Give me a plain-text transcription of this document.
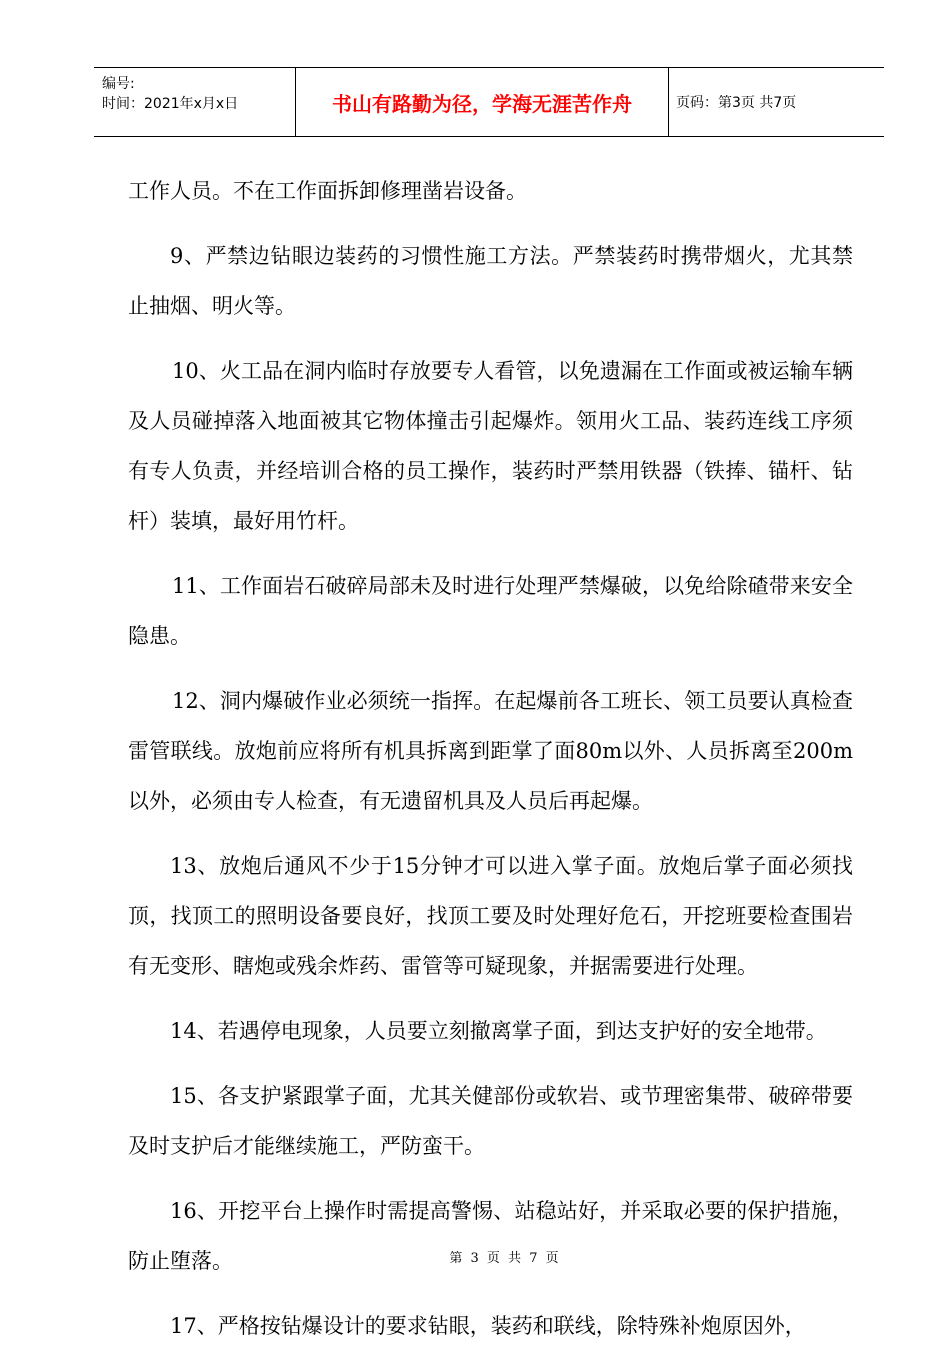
编号:
时间：2021年x月x日	书山有路勤为径，学海无涯苦作舟	页码：第3页 共7页

工作人员。不在工作面拆卸修理凿岩设备。

9、严禁边钻眼边装药的习惯性施工方法。严禁装药时携带烟火，尤其禁止抽烟、明火等。

10、火工品在洞内临时存放要专人看管，以免遗漏在工作面或被运输车辆及人员碰掉落入地面被其它物体撞击引起爆炸。领用火工品、装药连线工序须有专人负责，并经培训合格的员工操作，装药时严禁用铁器（铁捧、锚杆、钻杆）装填，最好用竹杆。

11、工作面岩石破碎局部未及时进行处理严禁爆破，以免给除碴带来安全隐患。

12、洞内爆破作业必须统一指挥。在起爆前各工班长、领工员要认真检查雷管联线。放炮前应将所有机具拆离到距掌了面80m以外、人员拆离至200m以外，必须由专人检查，有无遗留机具及人员后再起爆。

13、放炮后通风不少于15分钟才可以进入掌子面。放炮后掌子面必须找顶，找顶工的照明设备要良好，找顶工要及时处理好危石，开挖班要检查围岩有无变形、瞎炮或残余炸药、雷管等可疑现象，并据需要进行处理。

14、若遇停电现象，人员要立刻撤离掌子面，到达支护好的安全地带。

15、各支护紧跟掌子面，尤其关健部份或软岩、或节理密集带、破碎带要及时支护后才能继续施工，严防蛮干。

16、开挖平台上操作时需提高警惕、站稳站好，并采取必要的保护措施，防止堕落。

17、严格按钻爆设计的要求钻眼，装药和联线，除特殊补炮原因外，

第 3 页 共 7 页
